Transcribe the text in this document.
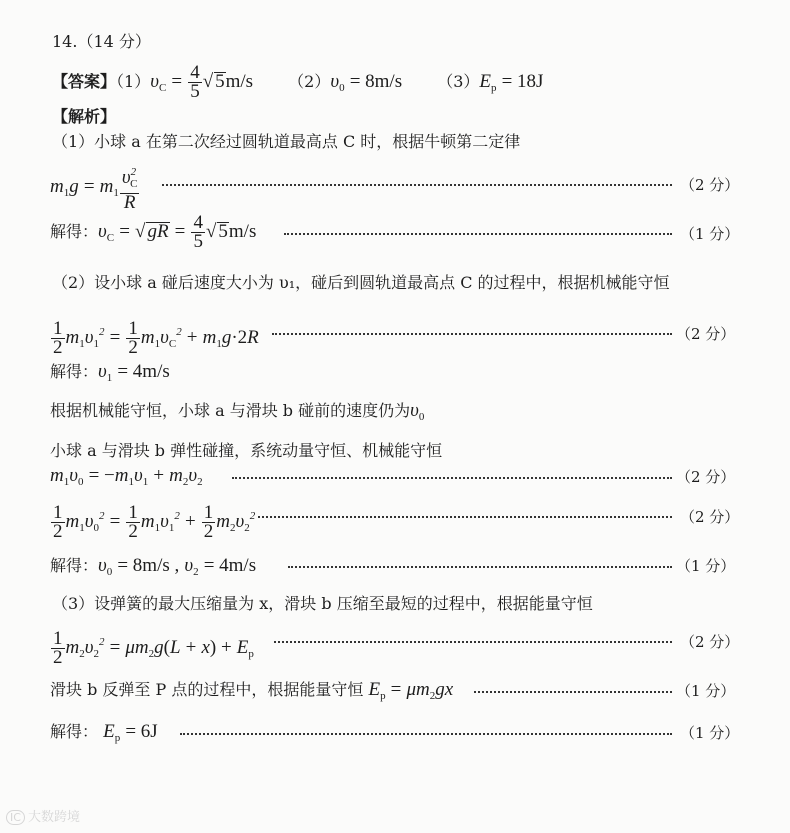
14.（14 分）
【答案】$(1)\upsilon_C = \frac{4}{5}$ √ 5m/s $(2)\upsilon_0 = 8m/s$ $(3)E_p = 18J$
【解析】
（1）小球 a 在第二次经过圆轨道最高点 C 时，根据牛顿第二定律
$m_1g = m_1 \frac{\upsilon^2_C}{R}$	（2 分）
解得：$\upsilon_C$ = √ gR = $\frac{4}{5}$ √ 5m/s	（1 分）
（2）设小球 a 碰后速度大小为 υ₁，碰后到圆轨道最高点 C 的过程中，根据机械能守恒
$\frac{1}{2} m_1\upsilon_1^2 = \frac{1}{2} m_1\upsilon_C^2 + m_1g\cdot 2R$	（2 分）
解得：$\upsilon_1 = 4m/s$
根据机械能守恒，小球 a 与滑块 b 碰前的速度仍为$\upsilon_0$
小球 a 与滑块 b 弹性碰撞，系统动量守恒、机械能守恒
$m_1\upsilon_0 = -m_1\upsilon_1 + m_2\upsilon_2$	（2 分）
$\frac{1}{2} m_1\upsilon_0^2 = \frac{1}{2} m_1\upsilon_1^2 + \frac{1}{2} m_2\upsilon_2^2$	（2 分）
解得：$\upsilon_0 = 8m/s$ , $\upsilon_2 = 4m/s$	（1 分）
（3）设弹簧的最大压缩量为 x，滑块 b 压缩至最短的过程中，根据能量守恒
$\frac{1}{2} m_2\upsilon_2^2 = \mu m_2g(L + x) + E_p$
（2 分）
滑块 b 反弹至 P 点的过程中，根据能量守恒 $E_p = \mu m_2gx$	（1 分）
解得： $E_p = 6J$	（1 分）
IC 大数跨境
